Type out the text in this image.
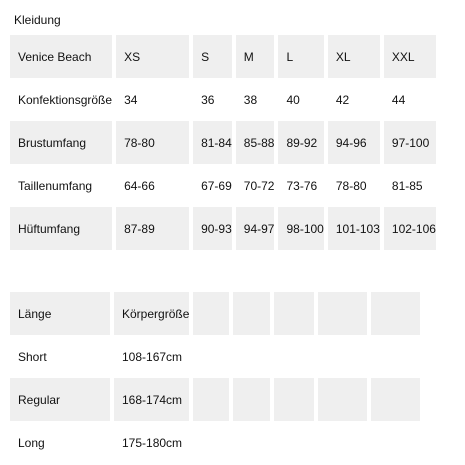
Kleidung
Venice Beach	XS	S	M	L	XL	XXL
Konfektionsgröße	34	36	38	40	42	44
Brustumfang	78-80	81-84	85-88	89-92	94-96	97-100
Taillenumfang	64-66	67-69	70-72	73-76	78-80	81-85
Hüftumfang	87-89	90-93	94-97	98-100	101-103	102-106
Länge	Körpergröße					
Short	108-167cm					
Regular	168-174cm					
Long	175-180cm					
